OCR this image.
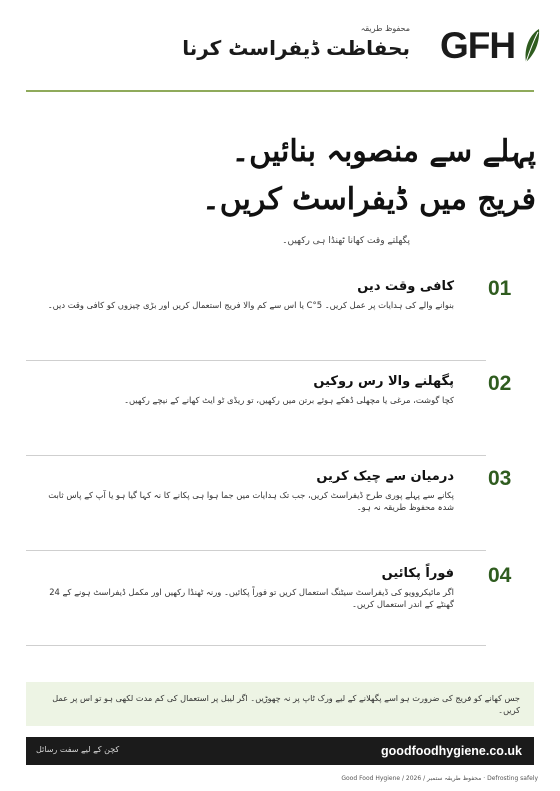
GFH
محفوظ طریقہ
بحفاظت ڈیفراسٹ کرنا
پہلے سے منصوبہ بنائیں۔
فریج میں ڈیفراسٹ کریں۔
پگھلتے وقت کھانا ٹھنڈا ہی رکھیں۔
01
کافی وقت دیں
بنوانے والے کی ہدایات پر عمل کریں۔ 5°C یا اس سے کم والا فریج استعمال کریں اور بڑی چیزوں کو کافی وقت دیں۔
02
پگھلنے والا رس روکیں
کچا گوشت، مرغی یا مچھلی ڈھکے ہوئے برتن میں رکھیں، تو ریڈی ٹو ایٹ کھانے کے نیچے رکھیں۔
03
درمیان سے چیک کریں
پکانے سے پہلے پوری طرح ڈیفراسٹ کریں، جب تک ہدایات میں جما ہوا ہی پکانے کا نہ کہا گیا ہو یا آپ کے پاس ثابت شدہ محفوظ طریقہ نہ ہو۔
04
فوراً پکائیں
اگر مائیکروویو کی ڈیفراسٹ سیٹنگ استعمال کریں تو فوراً پکائیں۔ ورنہ ٹھنڈا رکھیں اور مکمل ڈیفراسٹ ہونے کے 24 گھنٹے کے اندر استعمال کریں۔
جس کھانے کو فریج کی ضرورت ہو اسے پگھلانے کے لیے ورک ٹاپ پر نہ چھوڑیں۔ اگر لیبل پر استعمال کی کم مدت لکھی ہو تو اس پر عمل کریں۔
کچن کے لیے سفت رسائل	goodfoodhygiene.co.uk
Good Food Hygiene / 2026 / محفوظ طریقہ ستمبر · Defrosting safely
